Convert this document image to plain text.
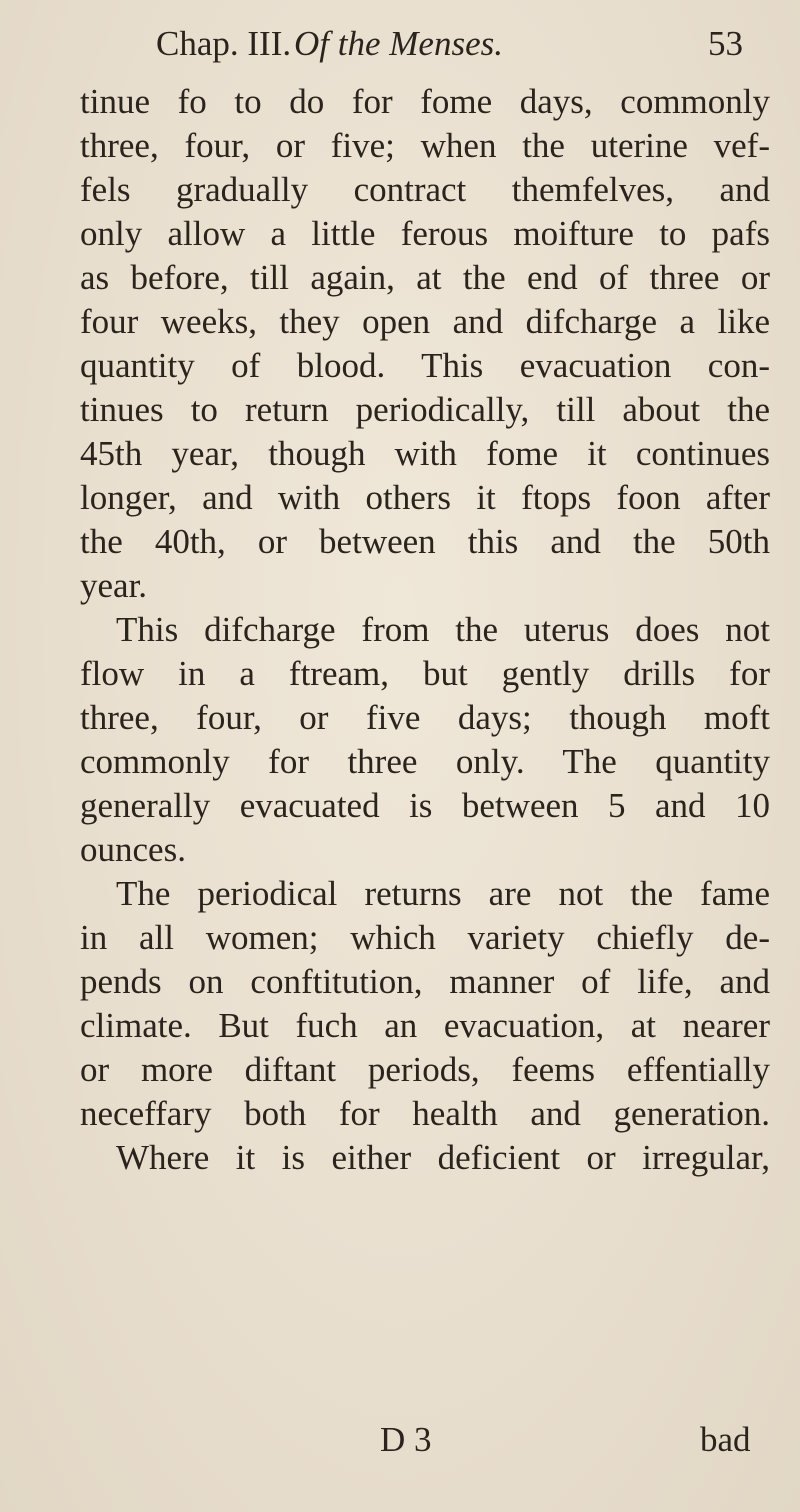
Chap. III. Of the Menses.	53
tinue fo to do for fome days, commonly
three, four, or five; when the uterine vef-
fels gradually contract themfelves, and
only allow a little ferous moifture to pafs
as before, till again, at the end of three or
four weeks, they open and difcharge a like
quantity of blood. This evacuation con-
tinues to return periodically, till about the
45th year, though with fome it continues
longer, and with others it ftops foon after
the 40th, or between this and the 50th
year.
This difcharge from the uterus does not
flow in a ftream, but gently drills for
three, four, or five days; though moft
commonly for three only. The quantity
generally evacuated is between 5 and 10
ounces.
The periodical returns are not the fame
in all women; which variety chiefly de-
pends on conftitution, manner of life, and
climate. But fuch an evacuation, at nearer
or more diftant periods, feems effentially
neceffary both for health and generation.
Where it is either deficient or irregular,
D 3	bad
